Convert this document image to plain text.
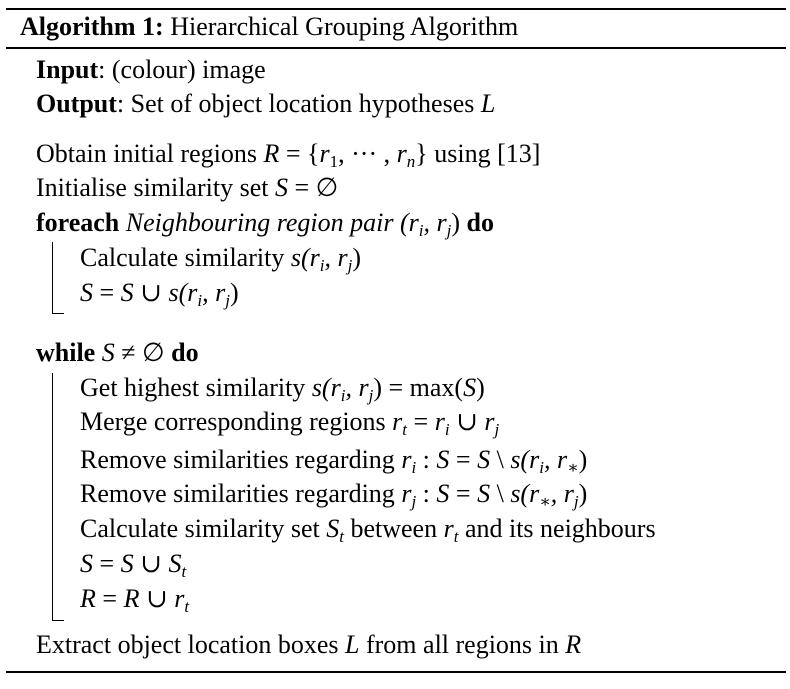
Algorithm 1: Hierarchical Grouping Algorithm
Input: (colour) image
Output: Set of object location hypotheses L
Obtain initial regions $R = \{r_1$, ··· , $r_n$} using [13]
Initialise similarity set S = ∅
foreach Neighbouring region pair ($r_i$, $r_j$) do
Calculate similarity $s(r_i$, $r_j$)
S = S ∪ $s(r_i$, $r_j$)
while S ≠ ∅ do
Get highest similarity $s(r_i$, $r_j) = \max(S)$
Merge corresponding regions $r_t = r_i$ ∪ $r_j$
Remove similarities regarding $r_i$ : S = S \ $s(r_i$, $r_∗$)
Remove similarities regarding $r_j$ : S = S \ $s(r_∗$, $r_j$)
Calculate similarity set $S_t$ between $r_t$ and its neighbours
S = S ∪ $S_t$
R = R ∪ $r_t$
Extract object location boxes L from all regions in R
